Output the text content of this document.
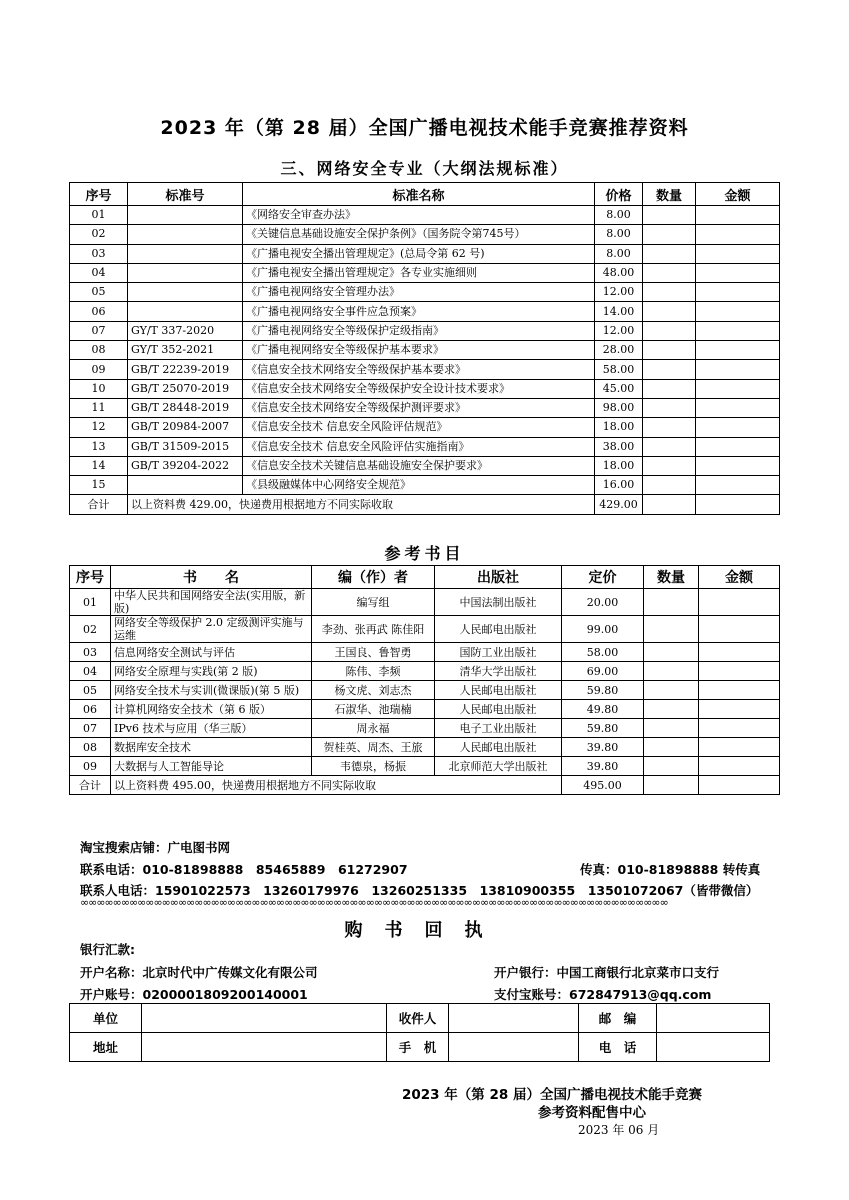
2023 年（第 28 届）全国广播电视技术能手竞赛推荐资料
三、网络安全专业（大纲法规标准）
序号	标准号	标准名称	价格	数量	金额
01		《网络安全审查办法》	8.00		
02		《关键信息基础设施安全保护条例》（国务院令第745号）	8.00		
03		《广播电视安全播出管理规定》(总局令第 62 号)	8.00		
04		《广播电视安全播出管理规定》各专业实施细则	48.00		
05		《广播电视网络安全管理办法》	12.00		
06		《广播电视网络安全事件应急预案》	14.00		
07	GY/T 337-2020	《广播电视网络安全等级保护定级指南》	12.00		
08	GY/T 352-2021	《广播电视网络安全等级保护基本要求》	28.00		
09	GB/T 22239-2019	《信息安全技术网络安全等级保护基本要求》	58.00		
10	GB/T 25070-2019	《信息安全技术网络安全等级保护安全设计技术要求》	45.00		
11	GB/T 28448-2019	《信息安全技术网络安全等级保护测评要求》	98.00		
12	GB/T 20984-2007	《信息安全技术 信息安全风险评估规范》	18.00		
13	GB/T 31509-2015	《信息安全技术 信息安全风险评估实施指南》	38.00		
14	GB/T 39204-2022	《信息安全技术关键信息基础设施安全保护要求》	18.00		
15		《县级融媒体中心网络安全规范》	16.00		
合计	以上资料费 429.00，快递费用根据地方不同实际收取		429.00		
参考书目
序号	书　　名	编（作）者	出版社	定价	数量	金额
01	中华人民共和国网络安全法(实用版，新版)	编写组	中国法制出版社	20.00		
02	网络安全等级保护 2.0 定级测评实施与运维	李劲、张再武 陈佳阳	人民邮电出版社	99.00		
03	信息网络安全测试与评估	王国良、鲁智勇	国防工业出版社	58.00		
04	网络安全原理与实践(第 2 版)	陈伟、李频	清华大学出版社	69.00		
05	网络安全技术与实训(微课版)(第 5 版)	杨文虎、刘志杰	人民邮电出版社	59.80		
06	计算机网络安全技术（第 6 版）	石淑华、池瑞楠	人民邮电出版社	49.80		
07	IPv6 技术与应用（华三版）	周永福	电子工业出版社	59.80		
08	数据库安全技术	贺桂英、周杰、王旅	人民邮电出版社	39.80		
09	大数据与人工智能导论	韦德泉，杨振	北京师范大学出版社	39.80		
合计	以上资料费 495.00，快递费用根据地方不同实际收取			495.00		
淘宝搜索店铺：广电图书网
联系电话：010-81898888　85465889　61272907	传真：010-81898888 转传真
联系人电话：15901022573　13260179976　13260251335　13810900355　13501072067（皆带微信）
∞∞∞∞∞∞∞∞∞∞∞∞∞∞∞∞∞∞∞∞∞∞∞∞∞∞∞∞∞∞∞∞∞∞∞∞∞∞∞∞∞∞∞∞∞∞∞∞∞∞∞∞∞∞∞∞∞∞∞∞∞∞∞∞∞∞∞∞∞∞∞∞
购书回执
银行汇款:
开户名称：北京时代中广传媒文化有限公司	开户银行：中国工商银行北京菜市口支行
开户账号：0200001809200140001	支付宝账号：672847913@qq.com
单位		收件人		邮　编	
地址		手　机		电　话	
2023 年（第 28 届）全国广播电视技术能手竞赛
参考资料配售中心
2023 年 06 月
